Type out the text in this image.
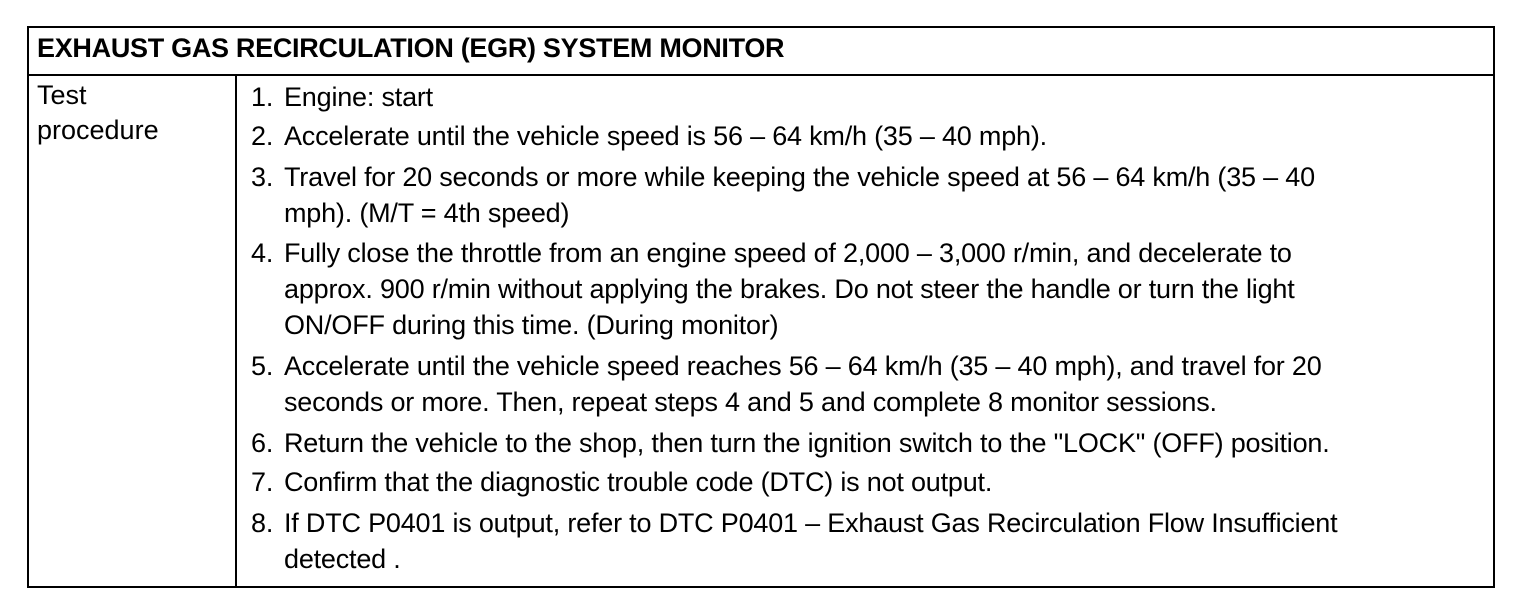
EXHAUST GAS RECIRCULATION (EGR) SYSTEM MONITOR
Test
procedure
1. Engine: start
2. Accelerate until the vehicle speed is 56 – 64 km/h (35 – 40 mph).
3. Travel for 20 seconds or more while keeping the vehicle speed at 56 – 64 km/h (35 – 40
mph). (M/T = 4th speed)
4. Fully close the throttle from an engine speed of 2,000 – 3,000 r/min, and decelerate to
approx. 900 r/min without applying the brakes. Do not steer the handle or turn the light
ON/OFF during this time. (During monitor)
5. Accelerate until the vehicle speed reaches 56 – 64 km/h (35 – 40 mph), and travel for 20
seconds or more. Then, repeat steps 4 and 5 and complete 8 monitor sessions.
6. Return the vehicle to the shop, then turn the ignition switch to the "LOCK" (OFF) position.
7. Confirm that the diagnostic trouble code (DTC) is not output.
8. If DTC P0401 is output, refer to DTC P0401 – Exhaust Gas Recirculation Flow Insufficient
detected .
